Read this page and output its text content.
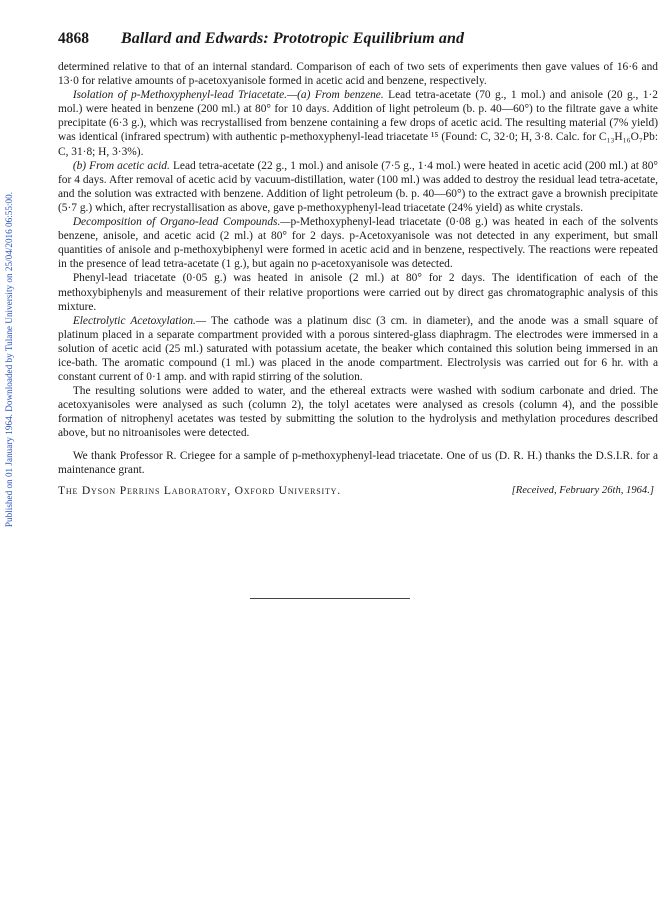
Published on 01 January 1964. Downloaded by Tulane University on 25/04/2016 06:55:00.
4868 Ballard and Edwards: Prototropic Equilibrium and

determined relative to that of an internal standard. Comparison of each of two sets of experiments then gave values of 16·6 and 13·0 for relative amounts of p-acetoxyanisole formed in acetic acid and benzene, respectively.

Isolation of p-Methoxyphenyl-lead Triacetate.—(a) From benzene. Lead tetra-acetate (70 g., 1 mol.) and anisole (20 g., 1·2 mol.) were heated in benzene (200 ml.) at 80° for 10 days. Addition of light petroleum (b. p. 40—60°) to the filtrate gave a white precipitate (6·3 g.), which was recrystallised from benzene containing a few drops of acetic acid. The resulting material (7% yield) was identical (infrared spectrum) with authentic p-methoxyphenyl-lead triacetate ¹⁵ (Found: C, 32·0; H, 3·8. Calc. for C₁₃H₁₆O₇Pb: C, 31·8; H, 3·3%).

(b) From acetic acid. Lead tetra-acetate (22 g., 1 mol.) and anisole (7·5 g., 1·4 mol.) were heated in acetic acid (200 ml.) at 80° for 4 days. After removal of acetic acid by vacuum-distillation, water (100 ml.) was added to destroy the residual lead tetra-acetate, and the solution was extracted with benzene. Addition of light petroleum (b. p. 40—60°) to the extract gave a brownish precipitate (5·7 g.) which, after recrystallisation as above, gave p-methoxyphenyl-lead triacetate (24% yield) as white crystals.

Decomposition of Organo-lead Compounds.—p-Methoxyphenyl-lead triacetate (0·08 g.) was heated in each of the solvents benzene, anisole, and acetic acid (2 ml.) at 80° for 2 days. p-Acetoxyanisole was not detected in any experiment, but small quantities of anisole and p-methoxybiphenyl were formed in acetic acid and in benzene, respectively. The reactions were repeated in the presence of lead tetra-acetate (1 g.), but again no p-acetoxyanisole was detected.

Phenyl-lead triacetate (0·05 g.) was heated in anisole (2 ml.) at 80° for 2 days. The identification of each of the methoxybiphenyls and measurement of their relative proportions were carried out by direct gas chromatographic analysis of this mixture.

Electrolytic Acetoxylation.— The cathode was a platinum disc (3 cm. in diameter), and the anode was a small square of platinum placed in a separate compartment provided with a porous sintered-glass diaphragm. The electrodes were immersed in a solution of acetic acid (25 ml.) saturated with potassium acetate, the beaker which contained this solution being immersed in an ice-bath. The aromatic compound (1 ml.) was placed in the anode compartment. Electrolysis was carried out for 6 hr. with a constant current of 0·1 amp. and with rapid stirring of the solution.

The resulting solutions were added to water, and the ethereal extracts were washed with sodium carbonate and dried. The acetoxyanisoles were analysed as such (column 2), the tolyl acetates were analysed as cresols (column 4), and the possible formation of nitrophenyl acetates was tested by submitting the solution to the hydrolysis and methylation procedures described above, but no nitroanisoles were detected.

We thank Professor R. Criegee for a sample of p-methoxyphenyl-lead triacetate. One of us (D. R. H.) thanks the D.S.I.R. for a maintenance grant.

The Dyson Perrins Laboratory, Oxford University.	[Received, February 26th, 1964.]
